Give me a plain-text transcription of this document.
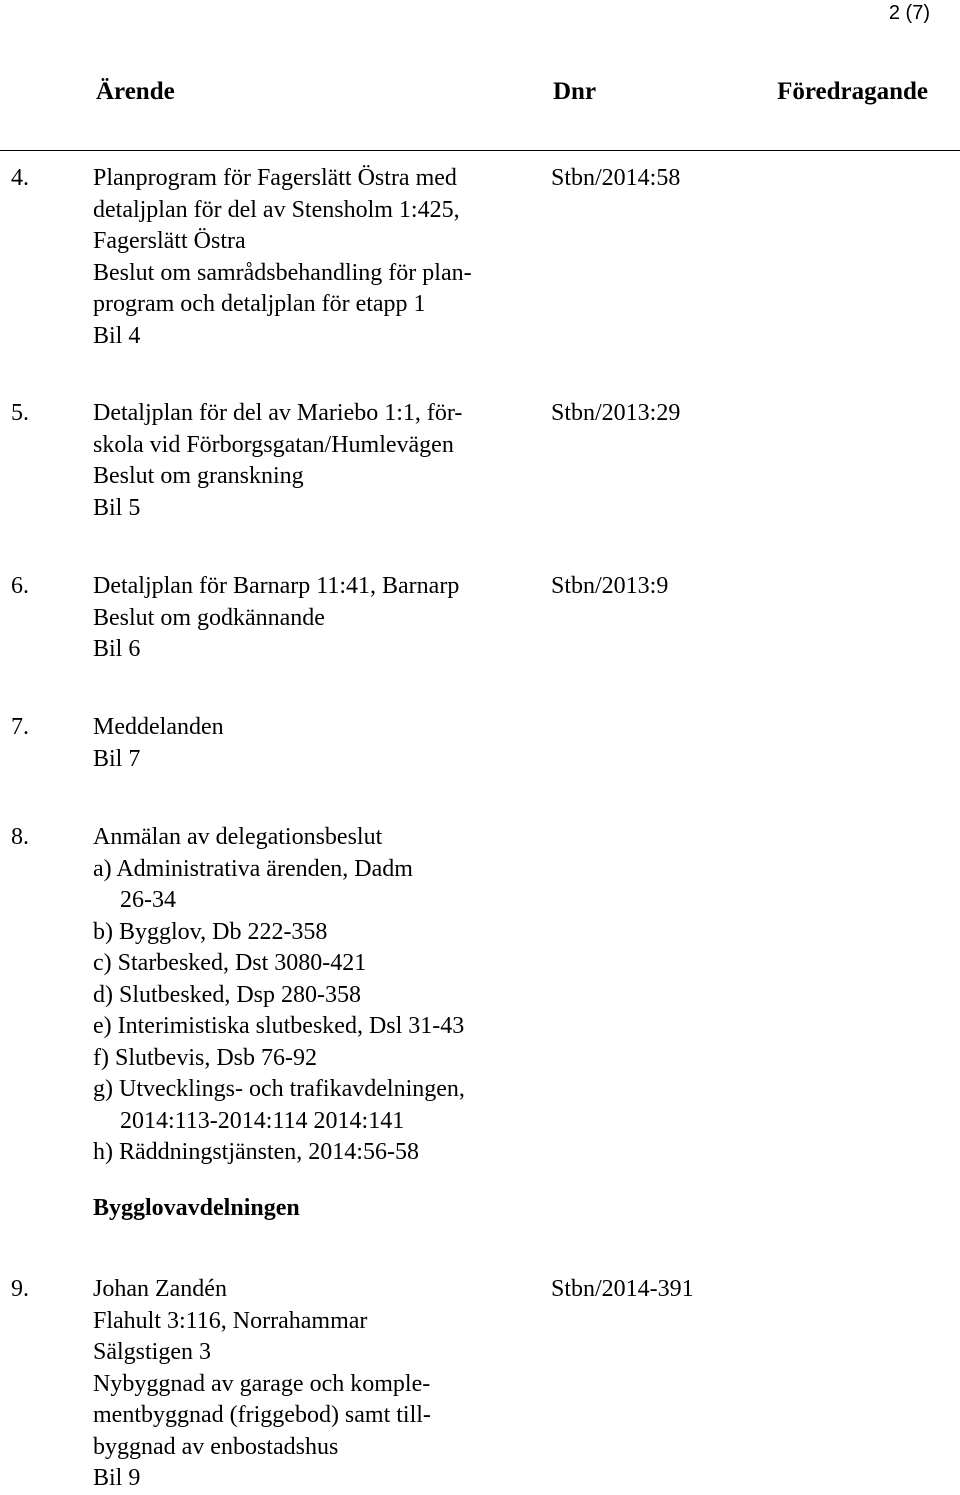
2 (7)
Ärende	Dnr	Föredragande
4.	Planprogram för Fagerslätt Östra med
detaljplan för del av Stensholm 1:425,
Fagerslätt Östra
Beslut om samrådsbehandling för plan-
program och detaljplan för etapp 1
Bil 4
Stbn/2014:58
5.	Detaljplan för del av Mariebo 1:1, för-
skola vid Förborgsgatan/Humlevägen
Beslut om granskning
Bil 5
Stbn/2013:29
6.	Detaljplan för Barnarp 11:41, Barnarp
Beslut om godkännande
Bil 6
Stbn/2013:9
7.	Meddelanden
Bil 7
8.	Anmälan av delegationsbeslut
a) Administrativa ärenden, Dadm
26-34
b) Bygglov, Db 222-358
c) Starbesked, Dst 3080-421
d) Slutbesked, Dsp 280-358
e) Interimistiska slutbesked, Dsl 31-43
f) Slutbevis, Dsb 76-92
g) Utvecklings- och trafikavdelningen,
2014:113-2014:114 2014:141
h) Räddningstjänsten, 2014:56-58
Bygglovavdelningen
9.	Johan Zandén
Flahult 3:116, Norrahammar
Sälgstigen 3
Nybyggnad av garage och komple-
mentbyggnad (friggebod) samt till-
byggnad av enbostadshus
Bil 9
Stbn/2014-391
